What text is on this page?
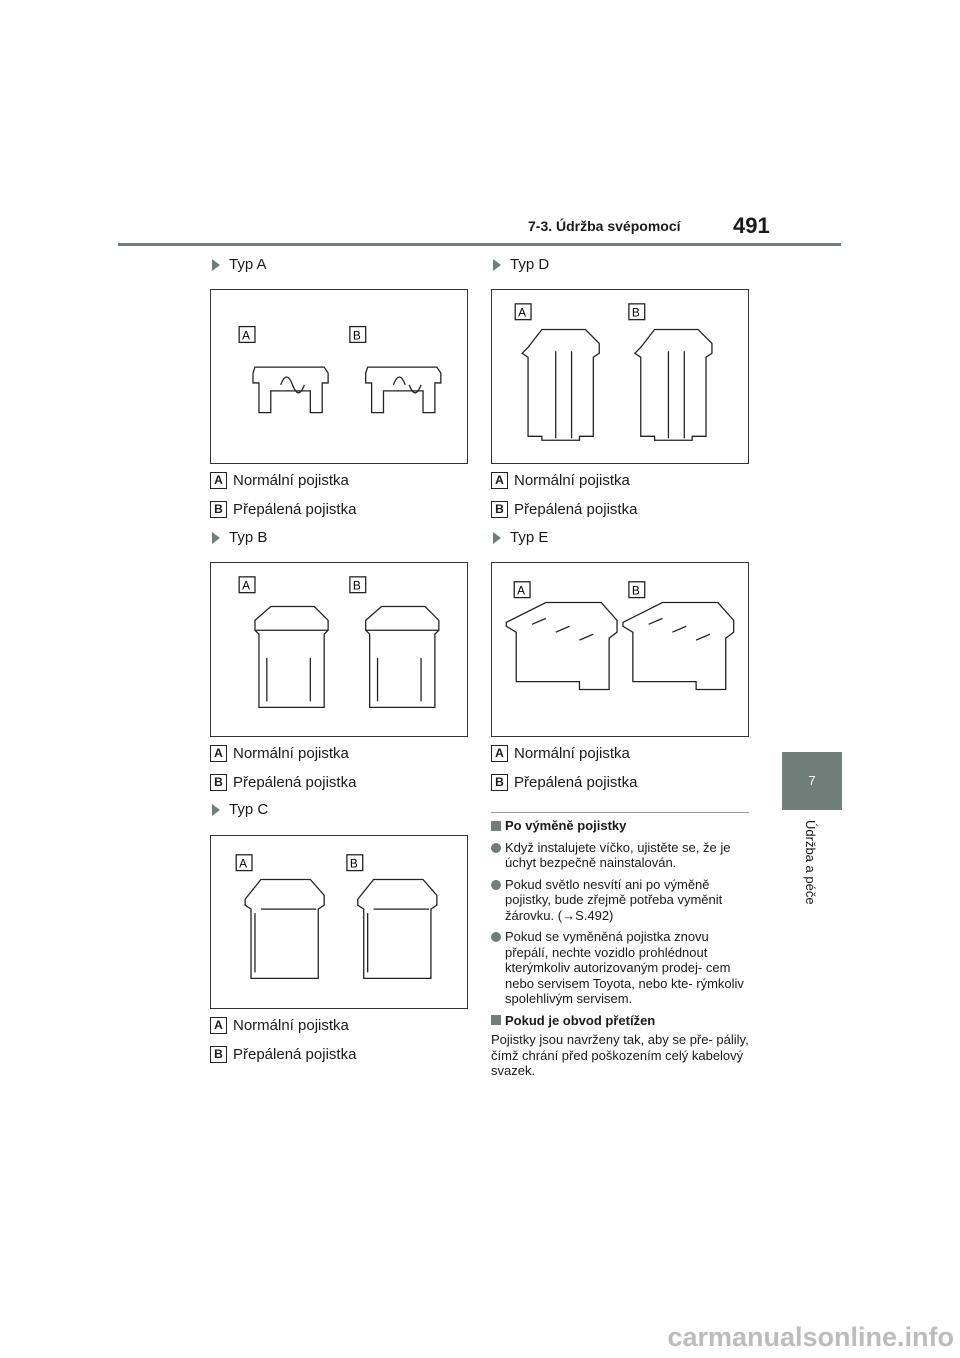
7-3. Údržba svépomocí 491
7
Údržba a péče
Typ A
A	B
A Normální pojistka
B Přepálená pojistka
Typ B
A	B
A Normální pojistka
B Přepálená pojistka
Typ C
A	B
A Normální pojistka
B Přepálená pojistka
Typ D
A	B
A Normální pojistka
B Přepálená pojistka
Typ E
A	B
A Normální pojistka
B Přepálená pojistka
Po výměně pojistky
Když instalujete víčko, ujistěte se, že je úchyt bezpečně nainstalován.
Pokud světlo nesvítí ani po výměně pojistky, bude zřejmě potřeba vyměnit žárovku. (→S.492)
Pokud se vyměněná pojistka znovu přepálí, nechte vozidlo prohlédnout kterýmkoliv autorizovaným prodej- cem nebo servisem Toyota, nebo kte- rýmkoliv spolehlivým servisem.
Pokud je obvod přetížen
Pojistky jsou navrženy tak, aby se pře- pálily, čímž chrání před poškozením celý kabelový svazek.
carmanualsonline.info
